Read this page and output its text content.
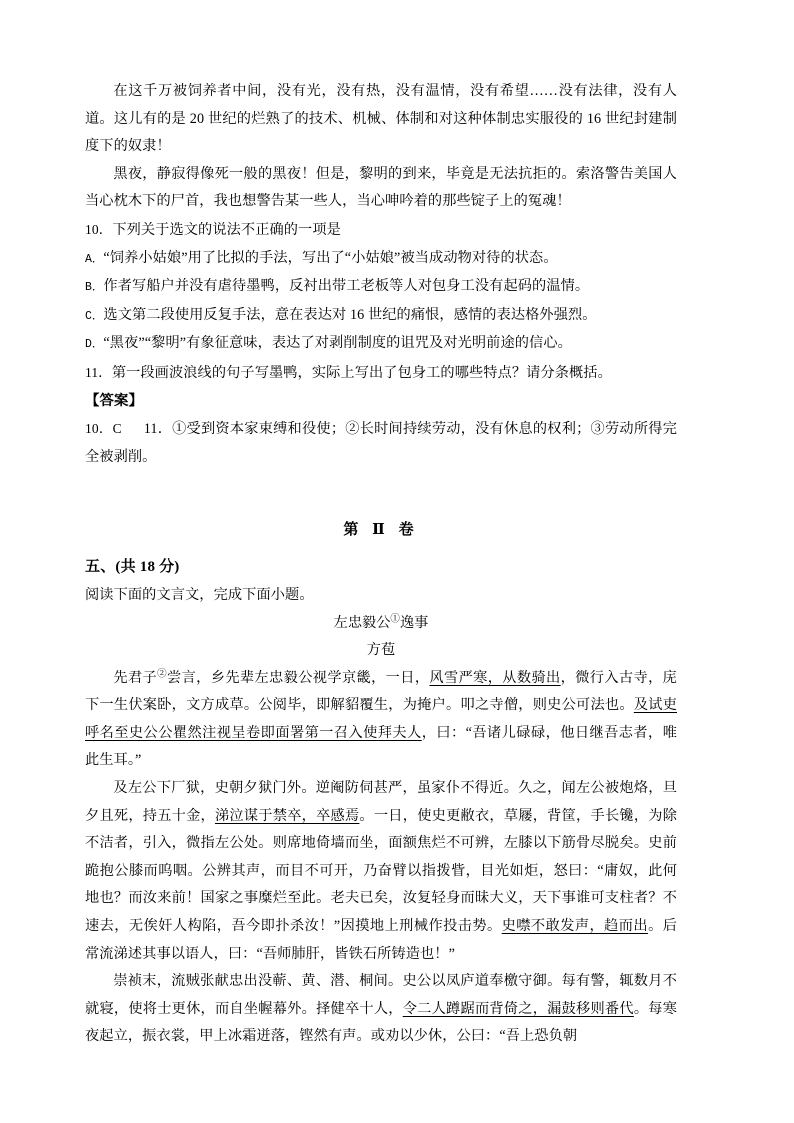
在这千万被饲养者中间，没有光，没有热，没有温情，没有希望……没有法律，没有人道。这儿有的是 20 世纪的烂熟了的技术、机械、体制和对这种体制忠实服役的 16 世纪封建制度下的奴隶！

黑夜，静寂得像死一般的黑夜！但是，黎明的到来，毕竟是无法抗拒的。索洛警告美国人当心枕木下的尸首，我也想警告某一些人，当心呻吟着的那些锭子上的冤魂！

10．下列关于选文的说法不正确的一项是

A．“饲养小姑娘”用了比拟的手法，写出了“小姑娘”被当成动物对待的状态。

B．作者写船户并没有虐待墨鸭，反衬出带工老板等人对包身工没有起码的温情。

C．选文第二段使用反复手法，意在表达对 16 世纪的痛恨，感情的表达格外强烈。

D．“黑夜”“黎明”有象征意味，表达了对剥削制度的诅咒及对光明前途的信心。

11．第一段画波浪线的句子写墨鸭，实际上写出了包身工的哪些特点？请分条概括。

【答案】

10．C 11．①受到资本家束缚和役使；②长时间持续劳动，没有休息的权利；③劳动所得完全被剥削。

第 Ⅱ 卷

五、(共 18 分)

阅读下面的文言文，完成下面小题。

左忠毅公①逸事

方苞

先君子②尝言，乡先辈左忠毅公视学京畿，一日，风雪严寒，从数骑出，微行入古寺，庑下一生伏案卧，文方成草。公阅毕，即解貂覆生，为掩户。叩之寺僧，则史公可法也。及试吏呼名至史公公瞿然注视呈卷即面署第一召入使拜夫人，曰：“吾诸儿碌碌，他日继吾志者，唯此生耳。”

及左公下厂狱，史朝夕狱门外。逆阉防伺甚严，虽家仆不得近。久之，闻左公被炮烙，旦夕且死，持五十金，涕泣谋于禁卒，卒感焉。一日，使史更敝衣，草屦，背筐，手长镵，为除不洁者，引入，微指左公处。则席地倚墙而坐，面额焦烂不可辨，左膝以下筋骨尽脱矣。史前跪抱公膝而呜咽。公辨其声，而目不可开，乃奋臂以指拨眥，目光如炬，怒曰：“庸奴，此何地也？而汝来前！国家之事糜烂至此。老夫已矣，汝复轻身而昧大义，天下事谁可支柱者？不速去，无俟奸人构陷，吾今即扑杀汝！”因摸地上刑械作投击势。史噤不敢发声，趋而出。后常流涕述其事以语人，曰：“吾师肺肝，皆铁石所铸造也！”

崇祯末，流贼张献忠出没蕲、黄、潜、桐间。史公以凤庐道奉檄守御。每有警，辄数月不就寝，使将士更休，而自坐幄幕外。择健卒十人，令二人蹲踞而背倚之，漏鼓移则番代。每寒夜起立，振衣裳，甲上冰霜迸落，铿然有声。或劝以少休，公曰：“吾上恐负朝
